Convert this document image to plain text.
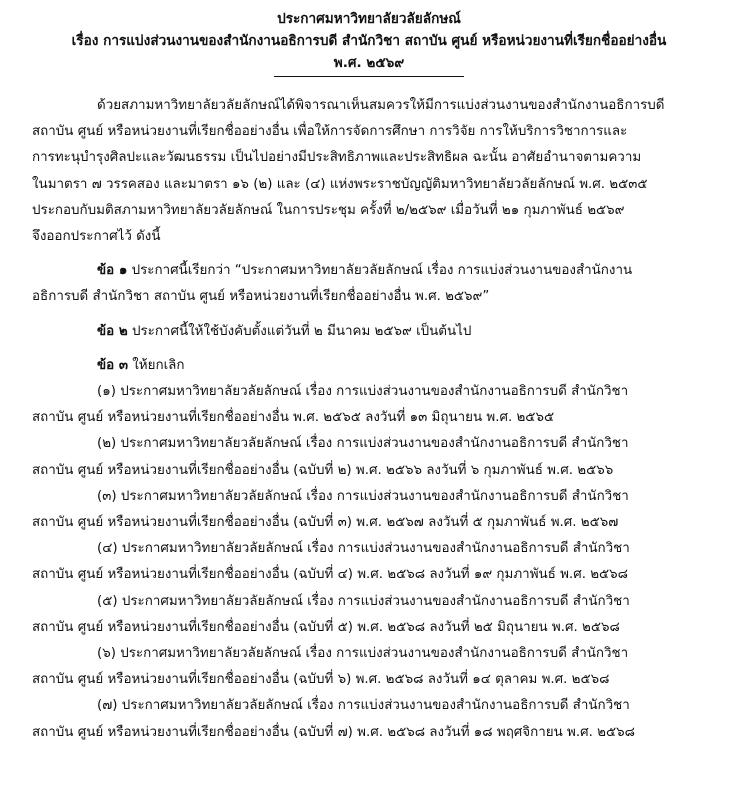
ประกาศมหาวิทยาลัยวลัยลักษณ์
เรื่อง การแบ่งส่วนงานของสำนักงานอธิการบดี สำนักวิชา สถาบัน ศูนย์ หรือหน่วยงานที่เรียกชื่ออย่างอื่น
พ.ศ. ๒๕๖๙

ด้วยสภามหาวิทยาลัยวลัยลักษณ์ได้พิจารณาเห็นสมควรให้มีการแบ่งส่วนงานของสำนักงานอธิการบดี

สถาบัน ศูนย์ หรือหน่วยงานที่เรียกชื่ออย่างอื่น เพื่อให้การจัดการศึกษา การวิจัย การให้บริการวิชาการและ

การทะนุบำรุงศิลปะและวัฒนธรรม เป็นไปอย่างมีประสิทธิภาพและประสิทธิผล ฉะนั้น อาศัยอำนาจตามความ

ในมาตรา ๗ วรรคสอง และมาตรา ๑๖ (๒) และ (๔) แห่งพระราชบัญญัติมหาวิทยาลัยวลัยลักษณ์ พ.ศ. ๒๕๓๕

ประกอบกับมติสภามหาวิทยาลัยวลัยลักษณ์ ในการประชุม ครั้งที่ ๒/๒๕๖๙ เมื่อวันที่ ๒๑ กุมภาพันธ์ ๒๕๖๙

จึงออกประกาศไว้ ดังนี้

ข้อ ๑ ประกาศนี้เรียกว่า “ประกาศมหาวิทยาลัยวลัยลักษณ์ เรื่อง การแบ่งส่วนงานของสำนักงาน

อธิการบดี สำนักวิชา สถาบัน ศูนย์ หรือหน่วยงานที่เรียกชื่ออย่างอื่น พ.ศ. ๒๕๖๙”

ข้อ ๒ ประกาศนี้ให้ใช้บังคับตั้งแต่วันที่ ๒ มีนาคม ๒๕๖๙ เป็นต้นไป

ข้อ ๓ ให้ยกเลิก

(๑) ประกาศมหาวิทยาลัยวลัยลักษณ์ เรื่อง การแบ่งส่วนงานของสำนักงานอธิการบดี สำนักวิชา

สถาบัน ศูนย์ หรือหน่วยงานที่เรียกชื่ออย่างอื่น พ.ศ. ๒๕๖๕ ลงวันที่ ๑๓ มิถุนายน พ.ศ. ๒๕๖๕

(๒) ประกาศมหาวิทยาลัยวลัยลักษณ์ เรื่อง การแบ่งส่วนงานของสำนักงานอธิการบดี สำนักวิชา

สถาบัน ศูนย์ หรือหน่วยงานที่เรียกชื่ออย่างอื่น (ฉบับที่ ๒) พ.ศ. ๒๕๖๖ ลงวันที่ ๖ กุมภาพันธ์ พ.ศ. ๒๕๖๖

(๓) ประกาศมหาวิทยาลัยวลัยลักษณ์ เรื่อง การแบ่งส่วนงานของสำนักงานอธิการบดี สำนักวิชา

สถาบัน ศูนย์ หรือหน่วยงานที่เรียกชื่ออย่างอื่น (ฉบับที่ ๓) พ.ศ. ๒๕๖๗ ลงวันที่ ๕ กุมภาพันธ์ พ.ศ. ๒๕๖๗

(๔) ประกาศมหาวิทยาลัยวลัยลักษณ์ เรื่อง การแบ่งส่วนงานของสำนักงานอธิการบดี สำนักวิชา

สถาบัน ศูนย์ หรือหน่วยงานที่เรียกชื่ออย่างอื่น (ฉบับที่ ๔) พ.ศ. ๒๕๖๘ ลงวันที่ ๑๙ กุมภาพันธ์ พ.ศ. ๒๕๖๘

(๕) ประกาศมหาวิทยาลัยวลัยลักษณ์ เรื่อง การแบ่งส่วนงานของสำนักงานอธิการบดี สำนักวิชา

สถาบัน ศูนย์ หรือหน่วยงานที่เรียกชื่ออย่างอื่น (ฉบับที่ ๕) พ.ศ. ๒๕๖๘ ลงวันที่ ๒๕ มิถุนายน พ.ศ. ๒๕๖๘

(๖) ประกาศมหาวิทยาลัยวลัยลักษณ์ เรื่อง การแบ่งส่วนงานของสำนักงานอธิการบดี สำนักวิชา

สถาบัน ศูนย์ หรือหน่วยงานที่เรียกชื่ออย่างอื่น (ฉบับที่ ๖) พ.ศ. ๒๕๖๘ ลงวันที่ ๑๔ ตุลาคม พ.ศ. ๒๕๖๘

(๗) ประกาศมหาวิทยาลัยวลัยลักษณ์ เรื่อง การแบ่งส่วนงานของสำนักงานอธิการบดี สำนักวิชา

สถาบัน ศูนย์ หรือหน่วยงานที่เรียกชื่ออย่างอื่น (ฉบับที่ ๗) พ.ศ. ๒๕๖๘ ลงวันที่ ๑๘ พฤศจิกายน พ.ศ. ๒๕๖๘
